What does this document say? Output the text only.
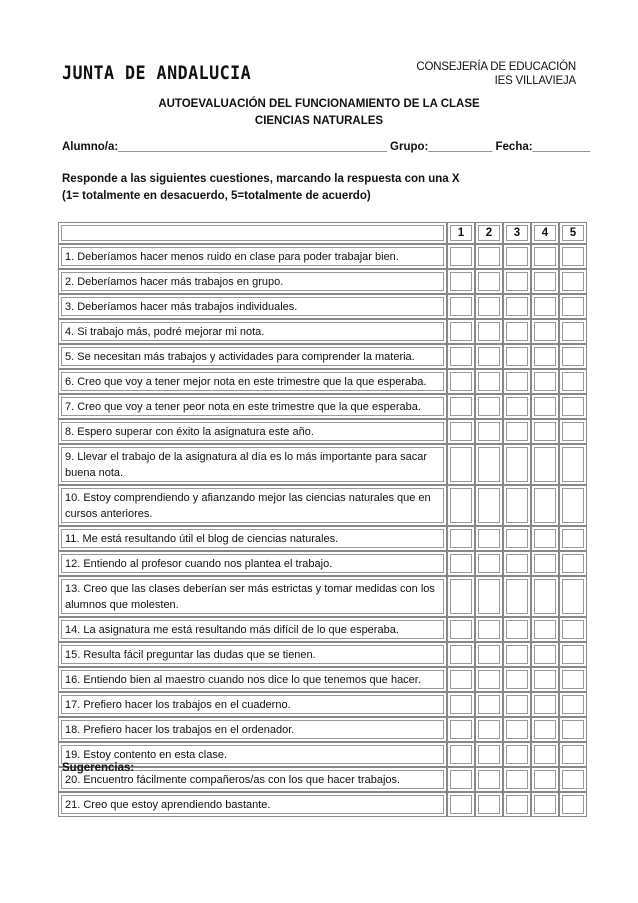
JUNTA DE ANDALUCIA	CONSEJERÍA DE EDUCACIÓN
IES VILLAVIEJA
AUTOEVALUACIÓN DEL FUNCIONAMIENTO DE LA CLASE
CIENCIAS NATURALES
Alumno/a:__________________________________________ Grupo:__________ Fecha:_________
Responde a las siguientes cuestiones, marcando la respuesta con una X
(1= totalmente en desacuerdo, 5=totalmente de acuerdo)
	1	2	3	4	5
1. Deberíamos hacer menos ruido en clase para poder trabajar bien.					
2. Deberíamos hacer más trabajos en grupo.					
3. Deberíamos hacer más trabajos individuales.					
4. Si trabajo más, podré mejorar mi nota.					
5. Se necesitan más trabajos y actividades para comprender la materia.					
6. Creo que voy a tener mejor nota en este trimestre que la que esperaba.					
7. Creo que voy a tener peor nota en este trimestre que la que esperaba.					
8. Espero superar con éxito la asignatura este año.					
9. Llevar el trabajo de la asignatura al día es lo más importante para sacar buena nota.					
10. Estoy comprendiendo y afianzando mejor las ciencias naturales que en cursos anteriores.					
11. Me está resultando útil el blog de ciencias naturales.					
12. Entiendo al profesor cuando nos plantea el trabajo.					
13. Creo que las clases deberían ser más estrictas y tomar medidas con los alumnos que molesten.					
14. La asignatura me está resultando más difícil de lo que esperaba.					
15. Resulta fácil preguntar las dudas que se tienen.					
16. Entiendo bien al maestro cuando nos dice lo que tenemos que hacer.					
17. Prefiero hacer los trabajos en el cuaderno.					
18. Prefiero hacer los trabajos en el ordenador.					
19. Estoy contento en esta clase.					
20. Encuentro fácilmente compañeros/as con los que hacer trabajos.					
21. Creo que estoy aprendiendo bastante.					
Sugerencias:
